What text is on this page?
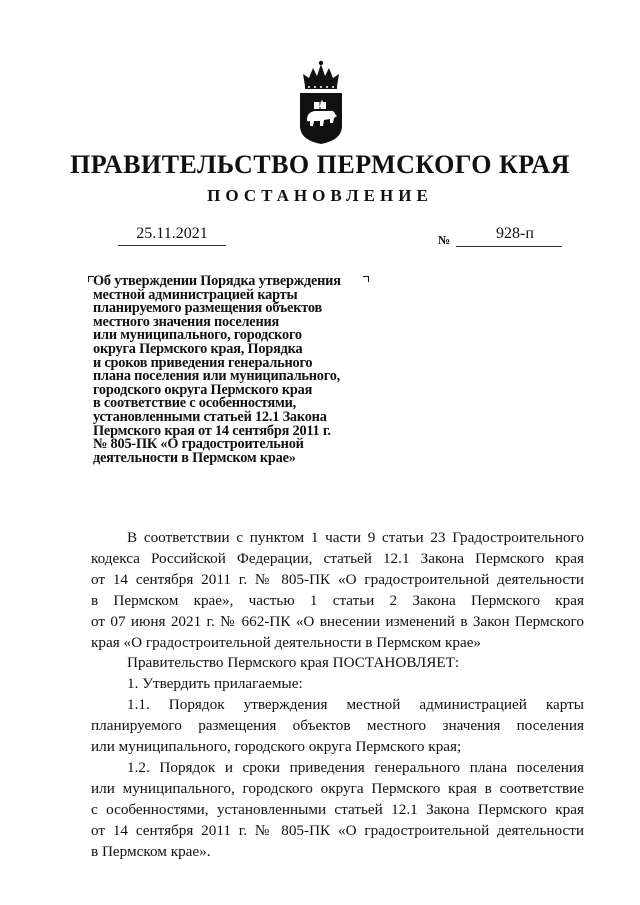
ПРАВИТЕЛЬСТВО ПЕРМСКОГО КРАЯ
ПОСТАНОВЛЕНИЕ
25.11.2021	№	928-п
Об утверждении Порядка утверждения
местной администрацией карты
планируемого размещения объектов
местного значения поселения
или муниципального, городского
округа Пермского края, Порядка
и сроков приведения генерального
плана поселения или муниципального,
городского округа Пермского края
в соответствие с особенностями,
установленными статьей 12.1 Закона
Пермского края от 14 сентября 2011 г.
№ 805-ПК «О градостроительной
деятельности в Пермском крае»
В соответствии с пунктом 1 части 9 статьи 23 Градостроительного
кодекса Российской Федерации, статьей 12.1 Закона Пермского края
от 14 сентября 2011 г. № 805-ПК «О градостроительной деятельности
в Пермском крае», частью 1 статьи 2 Закона Пермского края
от 07 июня 2021 г. № 662-ПК «О внесении изменений в Закон Пермского
края «О градостроительной деятельности в Пермском крае»
Правительство Пермского края ПОСТАНОВЛЯЕТ:
1. Утвердить прилагаемые:
1.1. Порядок утверждения местной администрацией карты
планируемого размещения объектов местного значения поселения
или муниципального, городского округа Пермского края;
1.2. Порядок и сроки приведения генерального плана поселения
или муниципального, городского округа Пермского края в соответствие
с особенностями, установленными статьей 12.1 Закона Пермского края
от 14 сентября 2011 г. № 805-ПК «О градостроительной деятельности
в Пермском крае».
